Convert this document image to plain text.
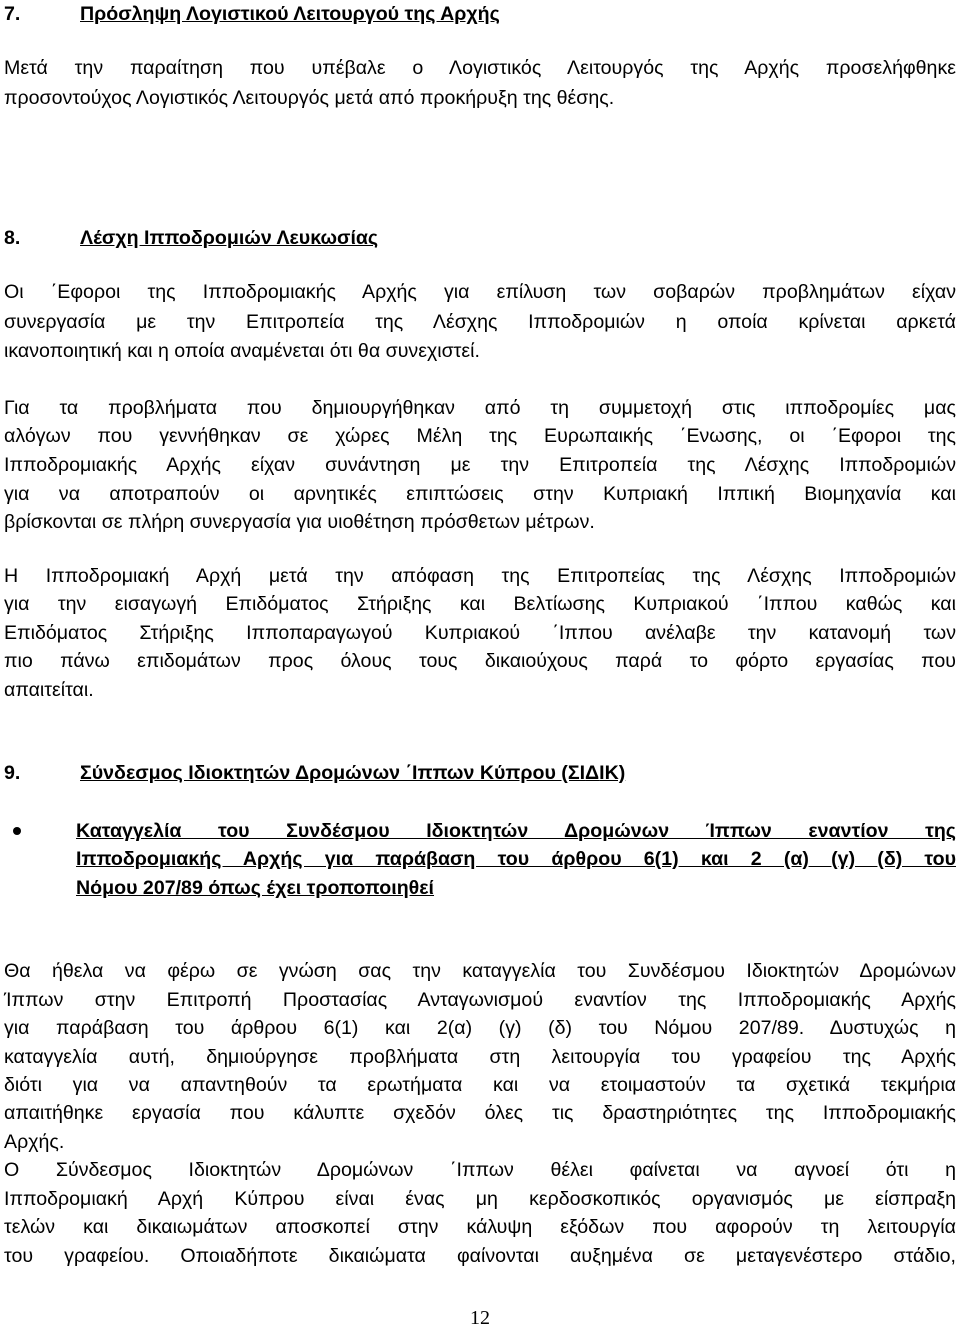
7.	Πρόσληψη Λογιστικού Λειτουργού της Αρχής

Μετά την παραίτηση που υπέβαλε ο Λογιστικός Λειτουργός της Αρχής προσελήφθηκε

προσοντούχος Λογιστικός Λειτουργός μετά από προκήρυξη της θέσης.

8.	Λέσχη Ιπποδρομιών Λευκωσίας

Οι ΄Εφοροι της Ιπποδρομιακής Αρχής για επίλυση των σοβαρών προβλημάτων είχαν

συνεργασία με την Επιτροπεία της Λέσχης Ιπποδρομιών η οποία κρίνεται αρκετά

ικανοποιητική και η οποία αναμένεται ότι θα συνεχιστεί.

Για τα προβλήματα που δημιουργήθηκαν από τη συμμετοχή στις ιπποδρομίες μας

αλόγων που γεννήθηκαν σε χώρες Μέλη της Ευρωπαικής ΄Ενωσης, οι ΄Εφοροι της

Ιπποδρομιακής Αρχής είχαν συνάντηση με την Επιτροπεία της Λέσχης Ιπποδρομιών

για να αποτραπούν οι αρνητικές επιπτώσεις στην Κυπριακή Ιππική Βιομηχανία και

βρίσκονται σε πλήρη συνεργασία για υιοθέτηση πρόσθετων μέτρων.

Η Ιπποδρομιακή Αρχή μετά την απόφαση της Επιτροπείας της Λέσχης Ιπποδρομιών

για την εισαγωγή Επιδόματος Στήριξης και Βελτίωσης Κυπριακού ΄Ιππου καθώς και

Επιδόματος Στήριξης Ιπποπαραγωγού Κυπριακού ΄Ιππου ανέλαβε την κατανομή των

πιο πάνω επιδομάτων προς όλους τους δικαιούχους παρά το φόρτο εργασίας που

απαιτείται.

9.	Σύνδεσμος Ιδιοκτητών Δρομώνων ΄Ιππων Κύπρου (ΣΙΔΙΚ)

Καταγγελία του Συνδέσμου Ιδιοκτητών Δρομώνων Ίππων εναντίον της

Ιπποδρομιακής Αρχής για παράβαση του άρθρου 6(1) και 2 (α) (γ) (δ) του

Νόμου 207/89 όπως έχει τροποποιηθεί

Θα ήθελα να φέρω σε γνώση σας την καταγγελία του Συνδέσμου Ιδιοκτητών Δρομώνων

Ίππων στην Επιτροπή Προστασίας Ανταγωνισμού εναντίον της Ιπποδρομιακής Αρχής

για παράβαση του άρθρου 6(1) και 2(α) (γ) (δ) του Νόμου 207/89. Δυστυχώς η

καταγγελία αυτή, δημιούργησε προβλήματα στη λειτουργία του γραφείου της Αρχής

διότι για να απαντηθούν τα ερωτήματα και να ετοιμαστούν τα σχετικά τεκμήρια

απαιτήθηκε εργασία που κάλυπτε σχεδόν όλες τις δραστηριότητες της Ιπποδρομιακής

Αρχής.

Ο Σύνδεσμος Ιδιοκτητών Δρομώνων ΄Ιππων θέλει φαίνεται να αγνοεί ότι η

Ιπποδρομιακή Αρχή Κύπρου είναι ένας μη κερδοσκοπικός οργανισμός με είσπραξη

τελών και δικαιωμάτων αποσκοπεί στην κάλυψη εξόδων που αφορούν τη λειτουργία

του γραφείου. Οποιαδήποτε δικαιώματα φαίνονται αυξημένα σε μεταγενέστερο στάδιο,

12
